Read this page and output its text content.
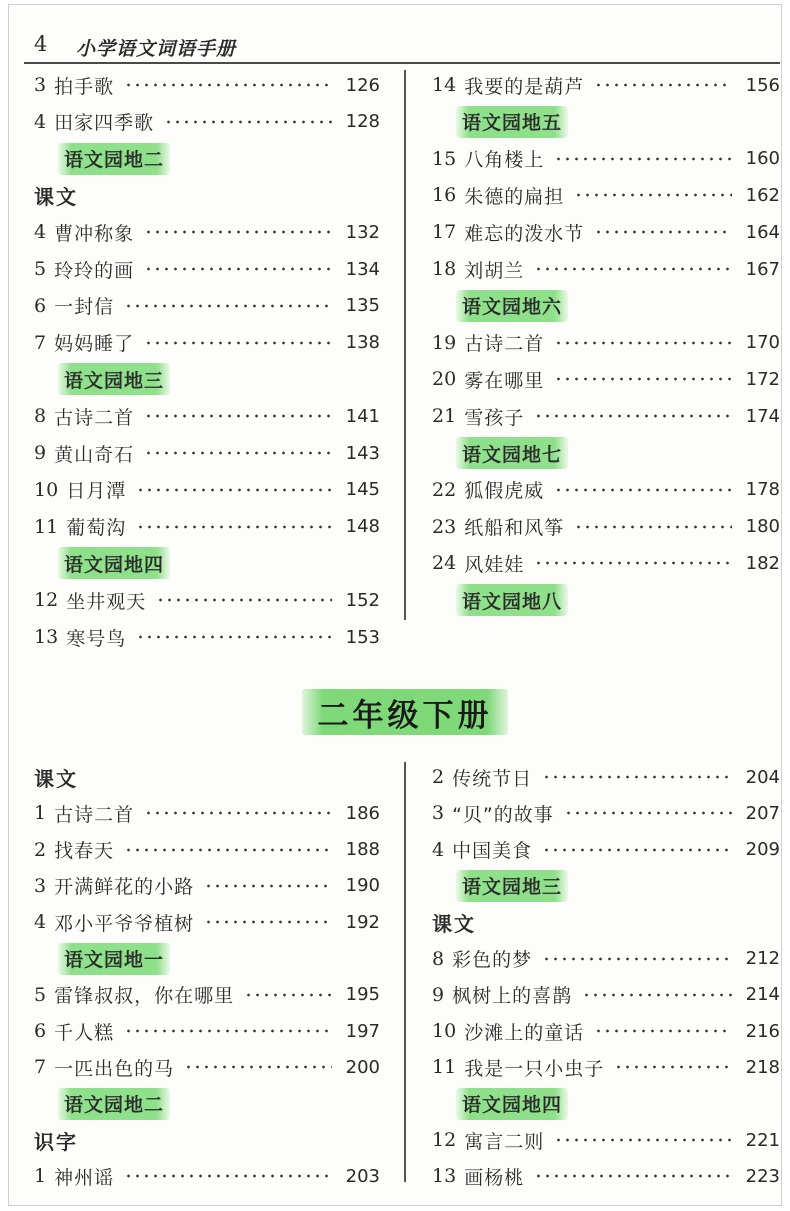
4 小学语文词语手册
3 拍手歌	126
4 田家四季歌	128
语文园地二
课文
4 曹冲称象	132
5 玲玲的画	134
6 一封信	135
7 妈妈睡了	138
语文园地三
8 古诗二首	141
9 黄山奇石	143
10 日月潭	145
11 葡萄沟	148
语文园地四
12 坐井观天	152
13 寒号鸟	153
14 我要的是葫芦	156
语文园地五
15 八角楼上	160
16 朱德的扁担	162
17 难忘的泼水节	164
18 刘胡兰	167
语文园地六
19 古诗二首	170
20 雾在哪里	172
21 雪孩子	174
语文园地七
22 狐假虎威	178
23 纸船和风筝	180
24 风娃娃	182
语文园地八
二年级下册
课文
1 古诗二首	186
2 找春天	188
3 开满鲜花的小路	190
4 邓小平爷爷植树	192
语文园地一
5 雷锋叔叔，你在哪里	195
6 千人糕	197
7 一匹出色的马	200
语文园地二
识字
1 神州谣	203
2 传统节日	204
3 “贝”的故事	207
4 中国美食	209
语文园地三
课文
8 彩色的梦	212
9 枫树上的喜鹊	214
10 沙滩上的童话	216
11 我是一只小虫子	218
语文园地四
12 寓言二则	221
13 画杨桃	223
